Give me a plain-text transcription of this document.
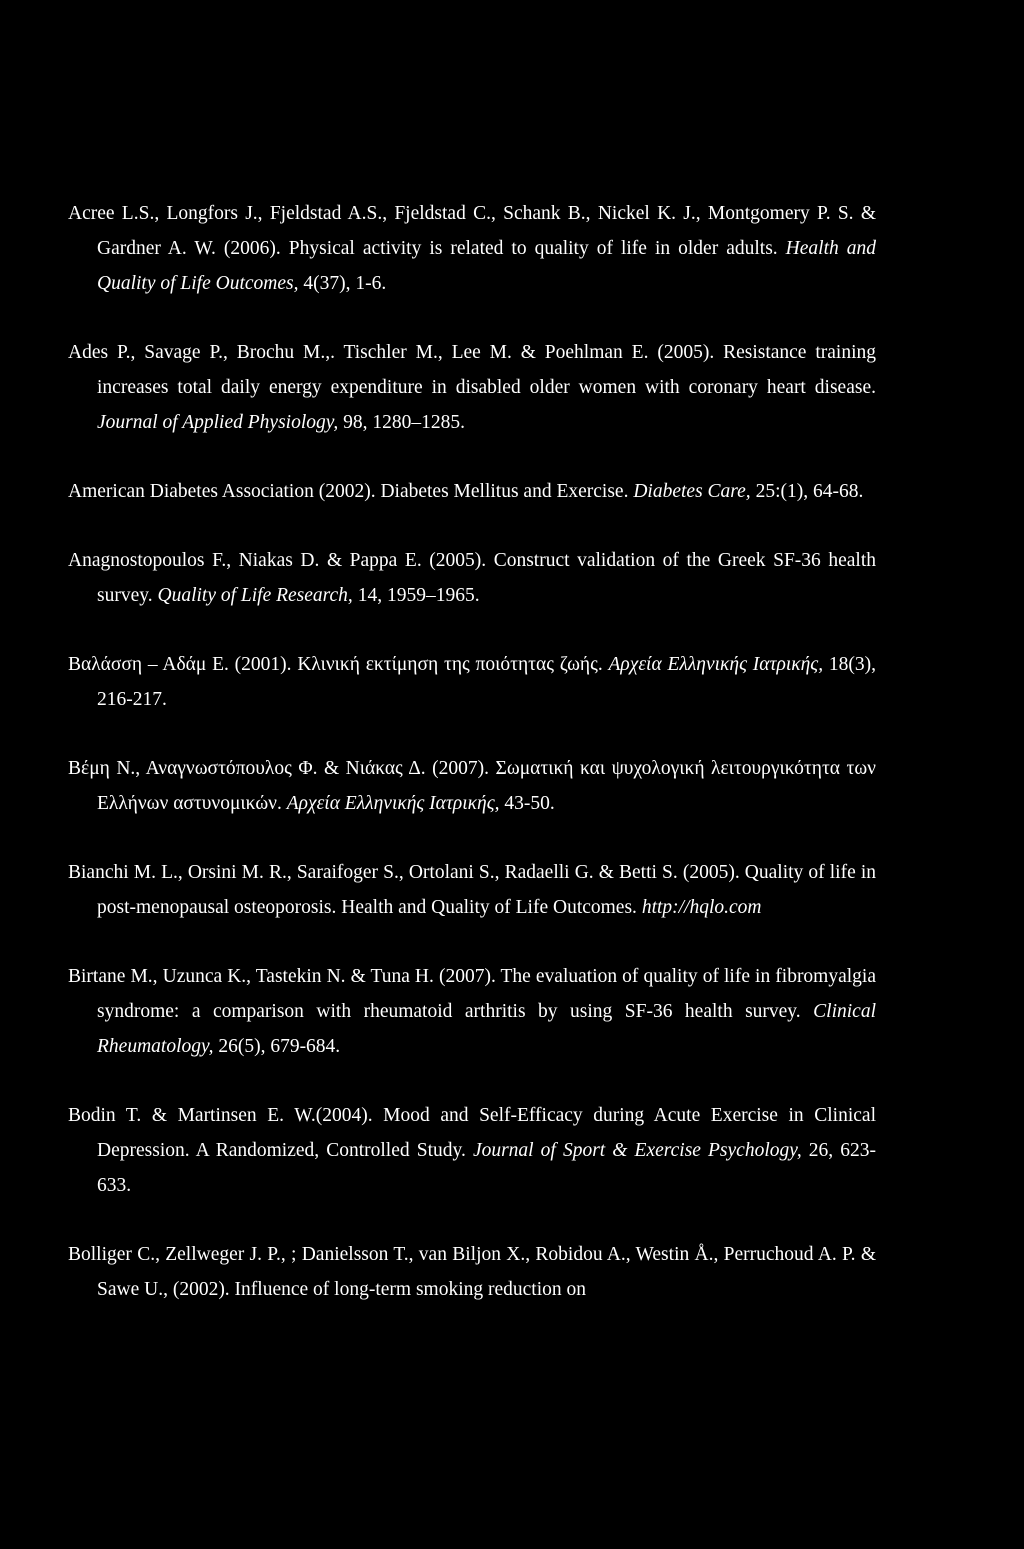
Acree L.S., Longfors J., Fjeldstad A.S., Fjeldstad C., Schank B., Nickel K. J., Montgomery P. S. & Gardner A. W. (2006). Physical activity is related to quality of life in older adults. Health and Quality of Life Outcomes, 4(37), 1-6.

Ades P., Savage P., Brochu M.,. Tischler M., Lee M. & Poehlman E. (2005). Resistance training increases total daily energy expenditure in disabled older women with coronary heart disease. Journal of Applied Physiology, 98, 1280–1285.

American Diabetes Association (2002). Diabetes Mellitus and Exercise. Diabetes Care, 25:(1), 64-68.

Anagnostopoulos F., Niakas D. & Pappa E. (2005). Construct validation of the Greek SF-36 health survey. Quality of Life Research, 14, 1959–1965.

Βαλάσση – Αδάμ Ε. (2001). Κλινική εκτίμηση της ποιότητας ζωής. Αρχεία Ελληνικής Ιατρικής, 18(3), 216-217.

Βέμη Ν., Αναγνωστόπουλος Φ. & Νιάκας Δ. (2007). Σωματική και ψυχολογική λειτουργικότητα των Ελλήνων αστυνομικών. Αρχεία Ελληνικής Ιατρικής, 43-50.

Bianchi M. L., Orsini M. R., Saraifoger S., Ortolani S., Radaelli G. & Betti S. (2005). Quality of life in post-menopausal osteoporosis. Health and Quality of Life Outcomes. http://hqlo.com

Birtane M., Uzunca K., Tastekin N. & Tuna H. (2007). The evaluation of quality of life in fibromyalgia syndrome: a comparison with rheumatoid arthritis by using SF-36 health survey. Clinical Rheumatology, 26(5), 679-684.

Bodin T. & Martinsen E. W.(2004). Mood and Self-Efficacy during Acute Exercise in Clinical Depression. A Randomized, Controlled Study. Journal of Sport & Exercise Psychology, 26, 623-633.

Bolliger C., Zellweger J. P., ; Danielsson T., van Biljon X., Robidou A., Westin Å., Perruchoud A. P. & Sawe U., (2002). Influence of long-term smoking reduction on
